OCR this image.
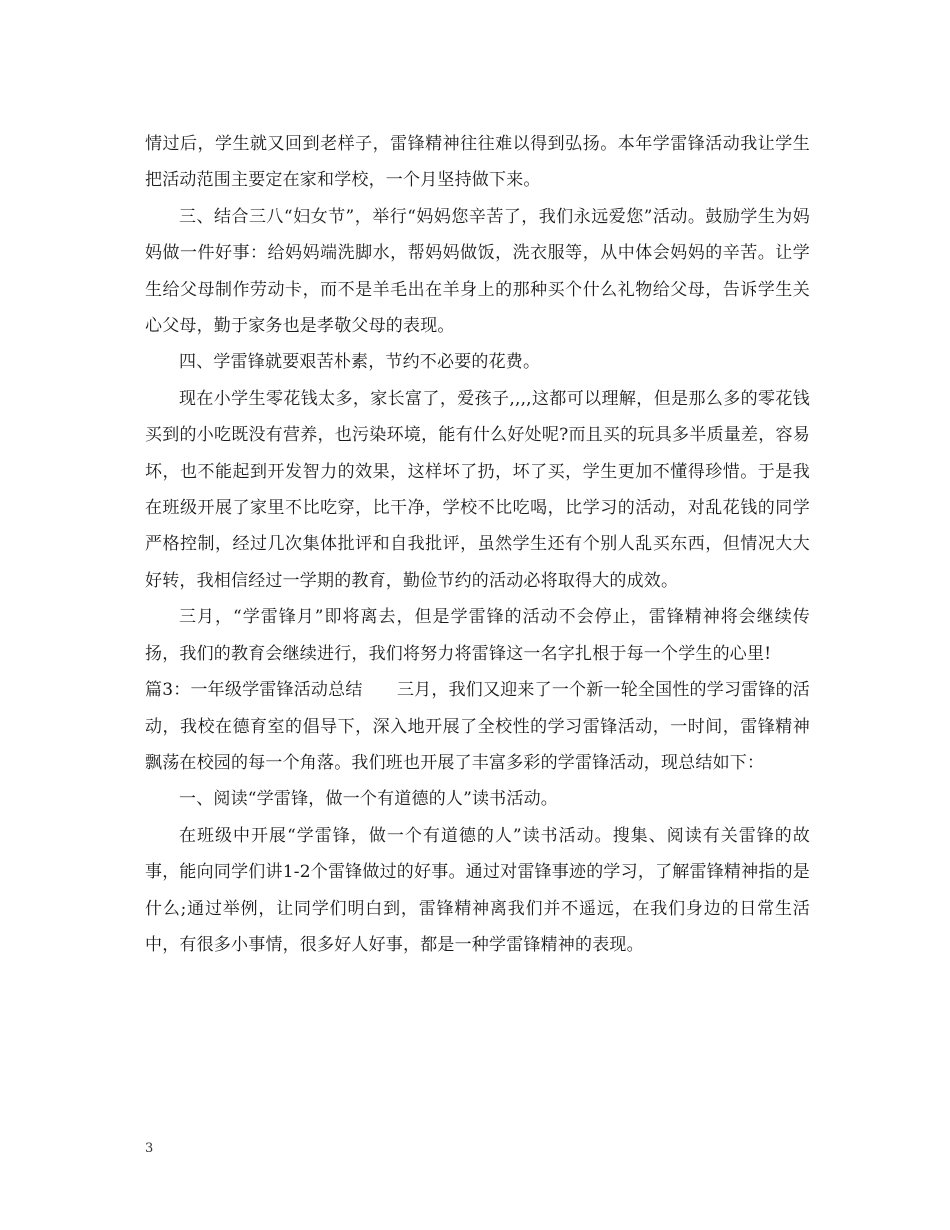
情过后，学生就又回到老样子，雷锋精神往往难以得到弘扬。本年学雷锋活动我让学生把活动范围主要定在家和学校，一个月坚持做下来。

三、结合三八“妇女节”，举行“妈妈您辛苦了，我们永远爱您”活动。鼓励学生为妈妈做一件好事：给妈妈端洗脚水，帮妈妈做饭，洗衣服等，从中体会妈妈的辛苦。让学生给父母制作劳动卡，而不是羊毛出在羊身上的那种买个什么礼物给父母，告诉学生关心父母，勤于家务也是孝敬父母的表现。

四、学雷锋就要艰苦朴素，节约不必要的花费。

现在小学生零花钱太多，家长富了，爱孩子,,,,这都可以理解，但是那么多的零花钱买到的小吃既没有营养，也污染环境，能有什么好处呢?而且买的玩具多半质量差，容易坏，也不能起到开发智力的效果，这样坏了扔，坏了买，学生更加不懂得珍惜。于是我在班级开展了家里不比吃穿，比干净，学校不比吃喝，比学习的活动，对乱花钱的同学严格控制，经过几次集体批评和自我批评，虽然学生还有个别人乱买东西，但情况大大好转，我相信经过一学期的教育，勤俭节约的活动必将取得大的成效。

三月，“学雷锋月”即将离去，但是学雷锋的活动不会停止，雷锋精神将会继续传扬，我们的教育会继续进行，我们将努力将雷锋这一名字扎根于每一个学生的心里!

篇3：一年级学雷锋活动总结　　三月，我们又迎来了一个新一轮全国性的学习雷锋的活动，我校在德育室的倡导下，深入地开展了全校性的学习雷锋活动，一时间，雷锋精神飘荡在校园的每一个角落。我们班也开展了丰富多彩的学雷锋活动，现总结如下：

一、阅读“学雷锋，做一个有道德的人”读书活动。

在班级中开展“学雷锋，做一个有道德的人”读书活动。搜集、阅读有关雷锋的故事，能向同学们讲1-2个雷锋做过的好事。通过对雷锋事迹的学习，了解雷锋精神指的是什么;通过举例，让同学们明白到，雷锋精神离我们并不遥远，在我们身边的日常生活中，有很多小事情，很多好人好事，都是一种学雷锋精神的表现。

3
